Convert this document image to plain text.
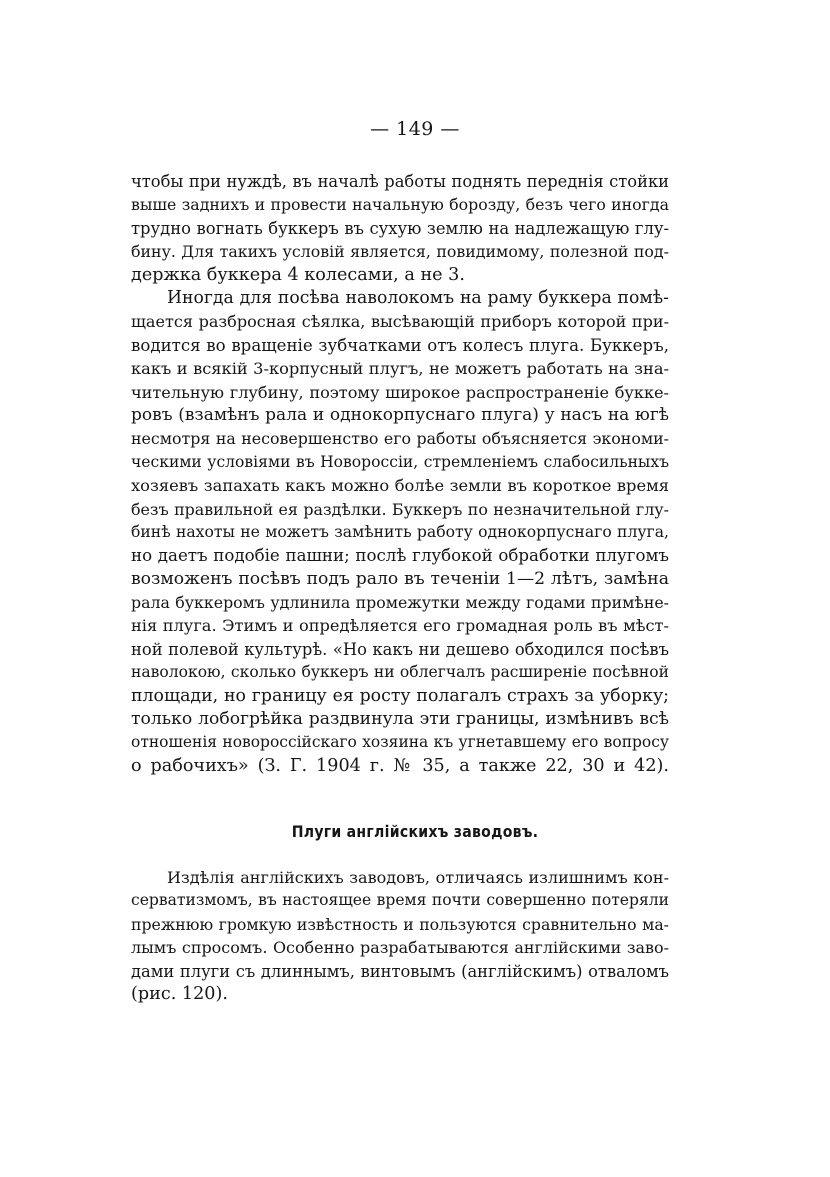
— 149 —
чтобы при нуждѣ, въ началѣ работы поднять переднія стойки
выше заднихъ и провести начальную борозду, безъ чего иногда
трудно вогнать буккеръ въ сухую землю на надлежащую глу-
бину. Для такихъ условій является, повидимому, полезной под-
держка буккера 4 колесами, а не 3.
Иногда для посѣва наволокомъ на раму буккера помѣ-
щается разбросная сѣялка, высѣвающій приборъ которой при-
водится во вращеніе зубчатками отъ колесъ плуга. Буккеръ,
какъ и всякій 3-корпусный плугъ, не можетъ работать на зна-
чительную глубину, поэтому широкое распространеніе букке-
ровъ (взамѣнъ рала и однокорпуснаго плуга) у насъ на югѣ
несмотря на несовершенство его работы объясняется экономи-
ческими условіями въ Новороссіи, стремленіемъ слабосильныхъ
хозяевъ запахать какъ можно болѣе земли въ короткое время
безъ правильной ея раздѣлки. Буккеръ по незначительной глу-
бинѣ нахоты не можетъ замѣнить работу однокорпуснаго плуга,
но даетъ подобіе пашни; послѣ глубокой обработки плугомъ
возможенъ посѣвъ подъ рало въ теченіи 1—2 лѣтъ, замѣна
рала буккеромъ удлинила промежутки между годами примѣне-
нія плуга. Этимъ и опредѣляется его громадная роль въ мѣст-
ной полевой культурѣ. «Но какъ ни дешево обходился посѣвъ
наволокою, сколько буккеръ ни облегчалъ расширеніе посѣвной
площади, но границу ея росту полагалъ страхъ за уборку;
только лобогрѣйка раздвинула эти границы, измѣнивъ всѣ
отношенія новороссійскаго хозяина къ угнетавшему его вопросу
о рабочихъ» (З. Г. 1904 г. № 35, а также 22, 30 и 42).
Плуги англійскихъ заводовъ.
Издѣлія англійскихъ заводовъ, отличаясь излишнимъ кон-
серватизмомъ, въ настоящее время почти совершенно потеряли
прежнюю громкую извѣстность и пользуются сравнительно ма-
лымъ спросомъ. Особенно разрабатываются англійскими заво-
дами плуги съ длиннымъ, винтовымъ (англійскимъ) отваломъ
(рис. 120).
